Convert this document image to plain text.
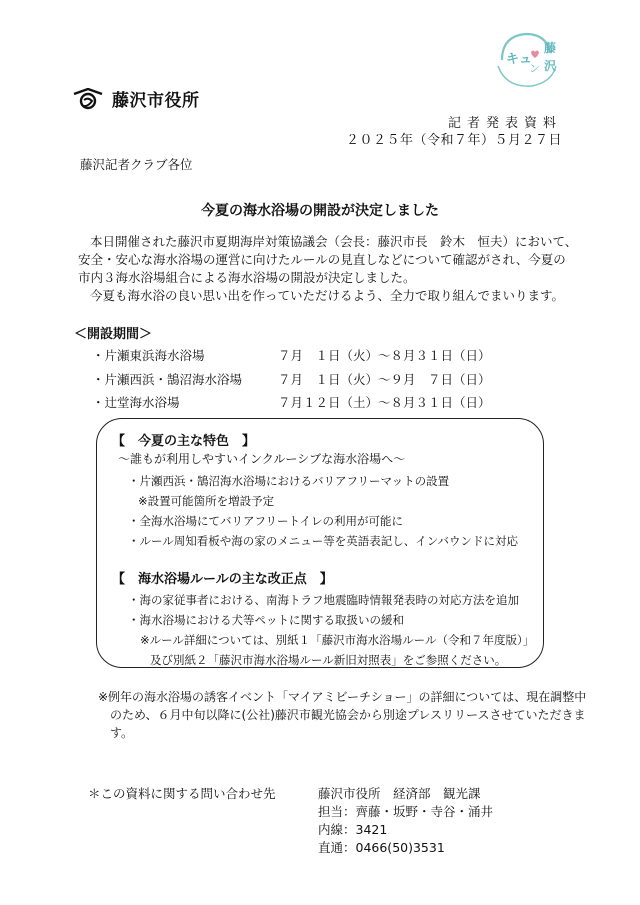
藤沢市役所
キュ
ン
藤
沢
記者発表資料
２０２５年（令和７年）５月２７日
藤沢記者クラブ各位
今夏の海水浴場の開設が決定しました
本日開催された藤沢市夏期海岸対策協議会（会長：藤沢市長　鈴木　恒夫）において、安全・安心な海水浴場の運営に向けたルールの見直しなどについて確認がされ、今夏の市内３海水浴場組合による海水浴場の開設が決定しました。
今夏も海水浴の良い思い出を作っていただけるよう、全力で取り組んでまいります。
＜開設期間＞
・片瀬東浜海水浴場	７月　１日（火）～８月３１日（日）
・片瀬西浜・鵠沼海水浴場	７月　１日（火）～９月　７日（日）
・辻堂海水浴場	７月１２日（土）～８月３１日（日）
【　今夏の主な特色　】
～誰もが利用しやすいインクルーシブな海水浴場へ～
・片瀬西浜・鵠沼海水浴場におけるバリアフリーマットの設置
※設置可能箇所を増設予定
・全海水浴場にてバリアフリートイレの利用が可能に
・ルール周知看板や海の家のメニュー等を英語表記し、インバウンドに対応
【　海水浴場ルールの主な改正点　】
・海の家従事者における、南海トラフ地震臨時情報発表時の対応方法を追加
・海水浴場における犬等ペットに関する取扱いの緩和
※ルール詳細については、別紙１「藤沢市海水浴場ルール（令和７年度版）」
及び別紙２「藤沢市海水浴場ルール新旧対照表」をご参照ください。
※例年の海水浴場の誘客イベント「マイアミビーチショー」の詳細については、現在調整中のため、６月中旬以降に(公社)藤沢市観光協会から別途プレスリリースさせていただきます。
＊この資料に関する問い合わせ先	藤沢市役所　経済部　観光課
担当：齊藤・坂野・寺谷・涌井
内線：3421
直通：0466(50)3531
